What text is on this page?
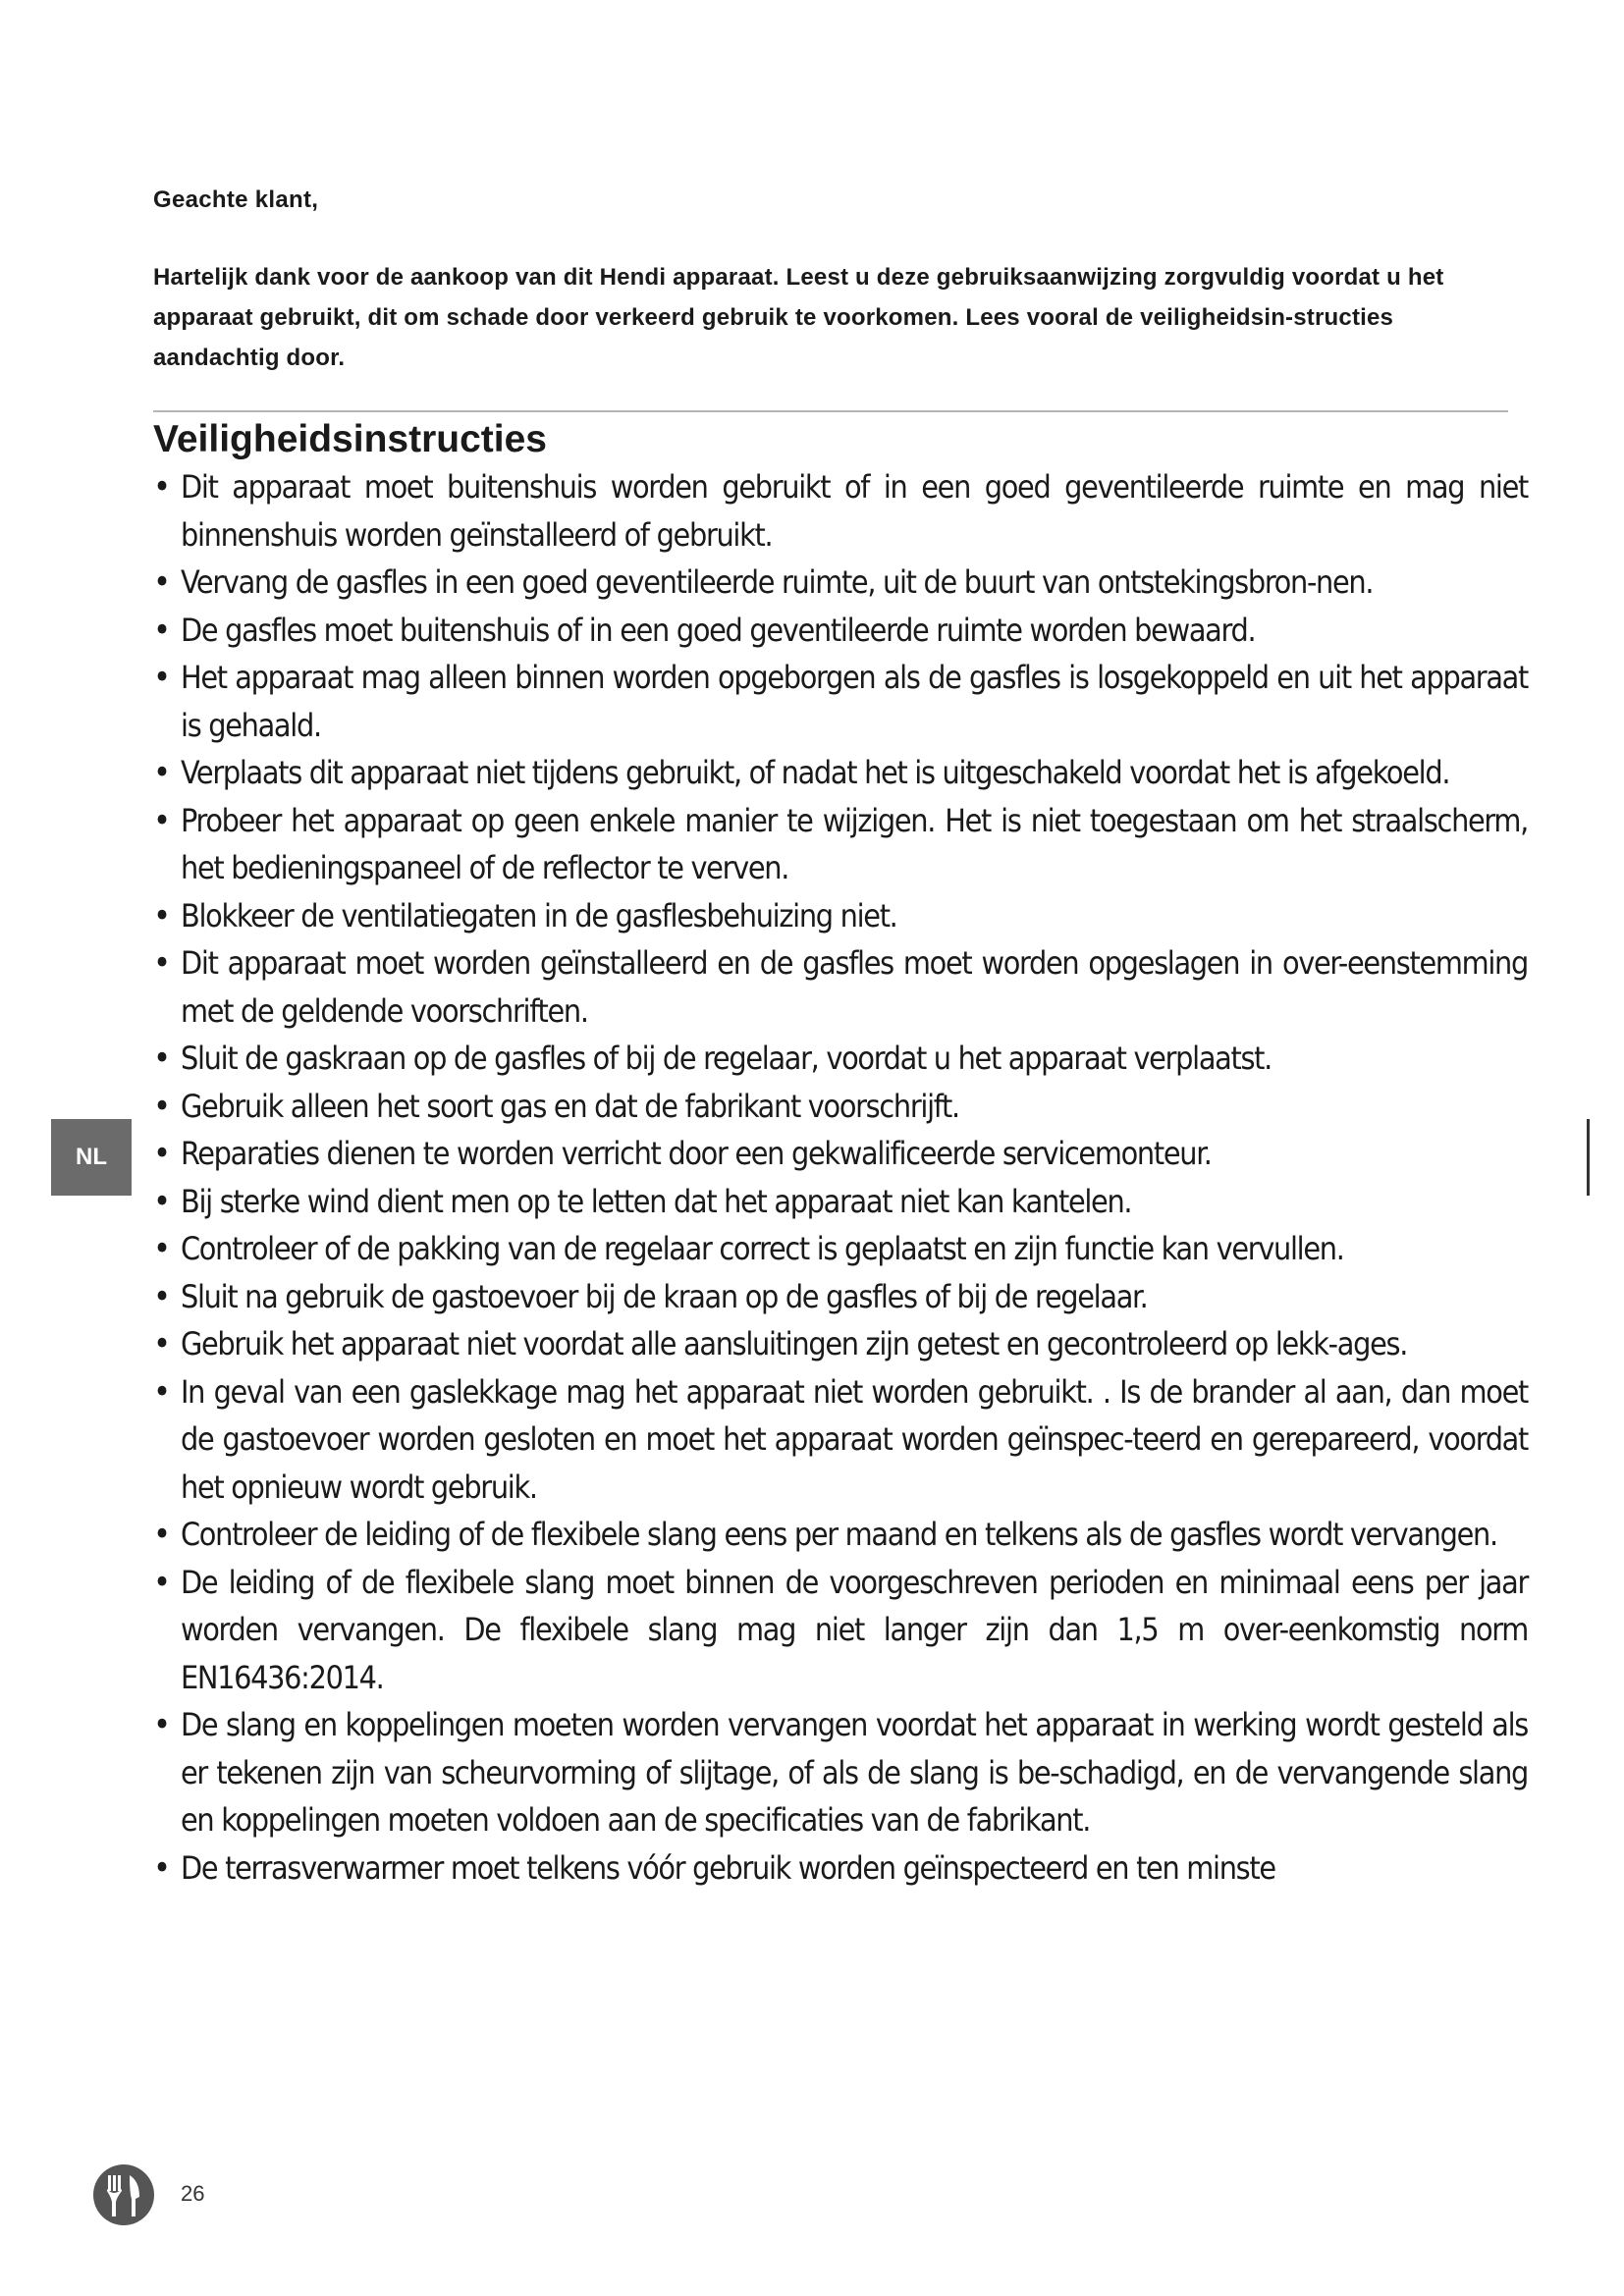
Geachte klant,

Hartelijk dank voor de aankoop van dit Hendi apparaat. Leest u deze gebruiksaanwijzing zorgvuldig voordat u het apparaat gebruikt, dit om schade door verkeerd gebruik te voorkomen. Lees vooral de veiligheidsin-structies aandachtig door.

Veiligheidsinstructies
• Dit apparaat moet buitenshuis worden gebruikt of in een goed geventileerde ruimte en mag niet binnenshuis worden geïnstalleerd of gebruikt.
• Vervang de gasfles in een goed geventileerde ruimte, uit de buurt van ontstekingsbron-nen.
• De gasfles moet buitenshuis of in een goed geventileerde ruimte worden bewaard.
• Het apparaat mag alleen binnen worden opgeborgen als de gasfles is losgekoppeld en uit het apparaat is gehaald.
• Verplaats dit apparaat niet tijdens gebruikt, of nadat het is uitgeschakeld voordat het is afgekoeld.
• Probeer het apparaat op geen enkele manier te wijzigen. Het is niet toegestaan om het straalscherm, het bedieningspaneel of de reflector te verven.
• Blokkeer de ventilatiegaten in de gasflesbehuizing niet.
• Dit apparaat moet worden geïnstalleerd en de gasfles moet worden opgeslagen in over-eenstemming met de geldende voorschriften.
• Sluit de gaskraan op de gasfles of bij de regelaar, voordat u het apparaat verplaatst.
• Gebruik alleen het soort gas en dat de fabrikant voorschrijft.
• Reparaties dienen te worden verricht door een gekwalificeerde servicemonteur.
• Bij sterke wind dient men op te letten dat het apparaat niet kan kantelen.
• Controleer of de pakking van de regelaar correct is geplaatst en zijn functie kan vervullen.
• Sluit na gebruik de gastoevoer bij de kraan op de gasfles of bij de regelaar.
• Gebruik het apparaat niet voordat alle aansluitingen zijn getest en gecontroleerd op lekk-ages.
• In geval van een gaslekkage mag het apparaat niet worden gebruikt. . Is de brander al aan, dan moet de gastoevoer worden gesloten en moet het apparaat worden geïnspec-teerd en gerepareerd, voordat het opnieuw wordt gebruik.
• Controleer de leiding of de flexibele slang eens per maand en telkens als de gasfles wordt vervangen.
• De leiding of de flexibele slang moet binnen de voorgeschreven perioden en minimaal eens per jaar worden vervangen. De flexibele slang mag niet langer zijn dan 1,5 m over-eenkomstig norm EN16436:2014.
• De slang en koppelingen moeten worden vervangen voordat het apparaat in werking wordt gesteld als er tekenen zijn van scheurvorming of slijtage, of als de slang is be-schadigd, en de vervangende slang en koppelingen moeten voldoen aan de specificaties van de fabrikant.
• De terrasverwarmer moet telkens vóór gebruik worden geïnspecteerd en ten minste
NL
26
